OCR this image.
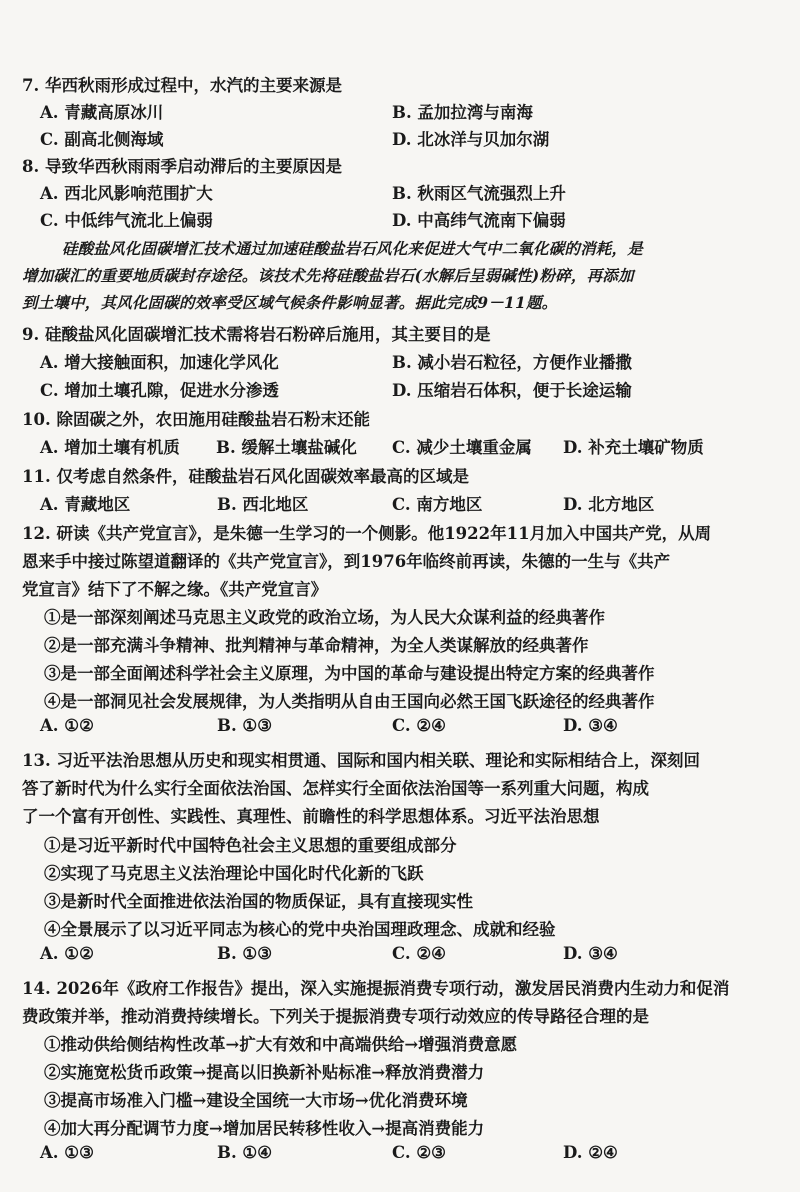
7. 华西秋雨形成过程中，水汽的主要来源是
A. 青藏高原冰川	B. 孟加拉湾与南海
C. 副高北侧海域	D. 北冰洋与贝加尔湖
8. 导致华西秋雨雨季启动滞后的主要原因是
A. 西北风影响范围扩大	B. 秋雨区气流强烈上升
C. 中低纬气流北上偏弱	D. 中高纬气流南下偏弱
硅酸盐风化固碳增汇技术通过加速硅酸盐岩石风化来促进大气中二氧化碳的消耗，是
增加碳汇的重要地质碳封存途径。该技术先将硅酸盐岩石(水解后呈弱碱性)粉碎，再添加
到土壤中，其风化固碳的效率受区域气候条件影响显著。据此完成9－11题。
9. 硅酸盐风化固碳增汇技术需将岩石粉碎后施用，其主要目的是
A. 增大接触面积，加速化学风化	B. 减小岩石粒径，方便作业播撒
C. 增加土壤孔隙，促进水分渗透	D. 压缩岩石体积，便于长途运输
10. 除固碳之外，农田施用硅酸盐岩石粉末还能
A. 增加土壤有机质 B. 缓解土壤盐碱化 C. 减少土壤重金属 D. 补充土壤矿物质
11. 仅考虑自然条件，硅酸盐岩石风化固碳效率最高的区域是
A. 青藏地区	B. 西北地区	C. 南方地区	D. 北方地区
12. 研读《共产党宣言》，是朱德一生学习的一个侧影。他1922年11月加入中国共产党，从周
恩来手中接过陈望道翻译的《共产党宣言》，到1976年临终前再读，朱德的一生与《共产
党宣言》结下了不解之缘。《共产党宣言》
①是一部深刻阐述马克思主义政党的政治立场，为人民大众谋利益的经典著作
②是一部充满斗争精神、批判精神与革命精神，为全人类谋解放的经典著作
③是一部全面阐述科学社会主义原理，为中国的革命与建设提出特定方案的经典著作
④是一部洞见社会发展规律，为人类指明从自由王国向必然王国飞跃途径的经典著作
A. ①②	B. ①③	C. ②④	D. ③④
13. 习近平法治思想从历史和现实相贯通、国际和国内相关联、理论和实际相结合上，深刻回
答了新时代为什么实行全面依法治国、怎样实行全面依法治国等一系列重大问题，构成
了一个富有开创性、实践性、真理性、前瞻性的科学思想体系。习近平法治思想
①是习近平新时代中国特色社会主义思想的重要组成部分
②实现了马克思主义法治理论中国化时代化新的飞跃
③是新时代全面推进依法治国的物质保证，具有直接现实性
④全景展示了以习近平同志为核心的党中央治国理政理念、成就和经验
A. ①②	B. ①③	C. ②④	D. ③④
14. 2026年《政府工作报告》提出，深入实施提振消费专项行动，激发居民消费内生动力和促消
费政策并举，推动消费持续增长。下列关于提振消费专项行动效应的传导路径合理的是
①推动供给侧结构性改革→扩大有效和中高端供给→增强消费意愿
②实施宽松货币政策→提高以旧换新补贴标准→释放消费潜力
③提高市场准入门槛→建设全国统一大市场→优化消费环境
④加大再分配调节力度→增加居民转移性收入→提高消费能力
A. ①③	B. ①④	C. ②③	D. ②④
